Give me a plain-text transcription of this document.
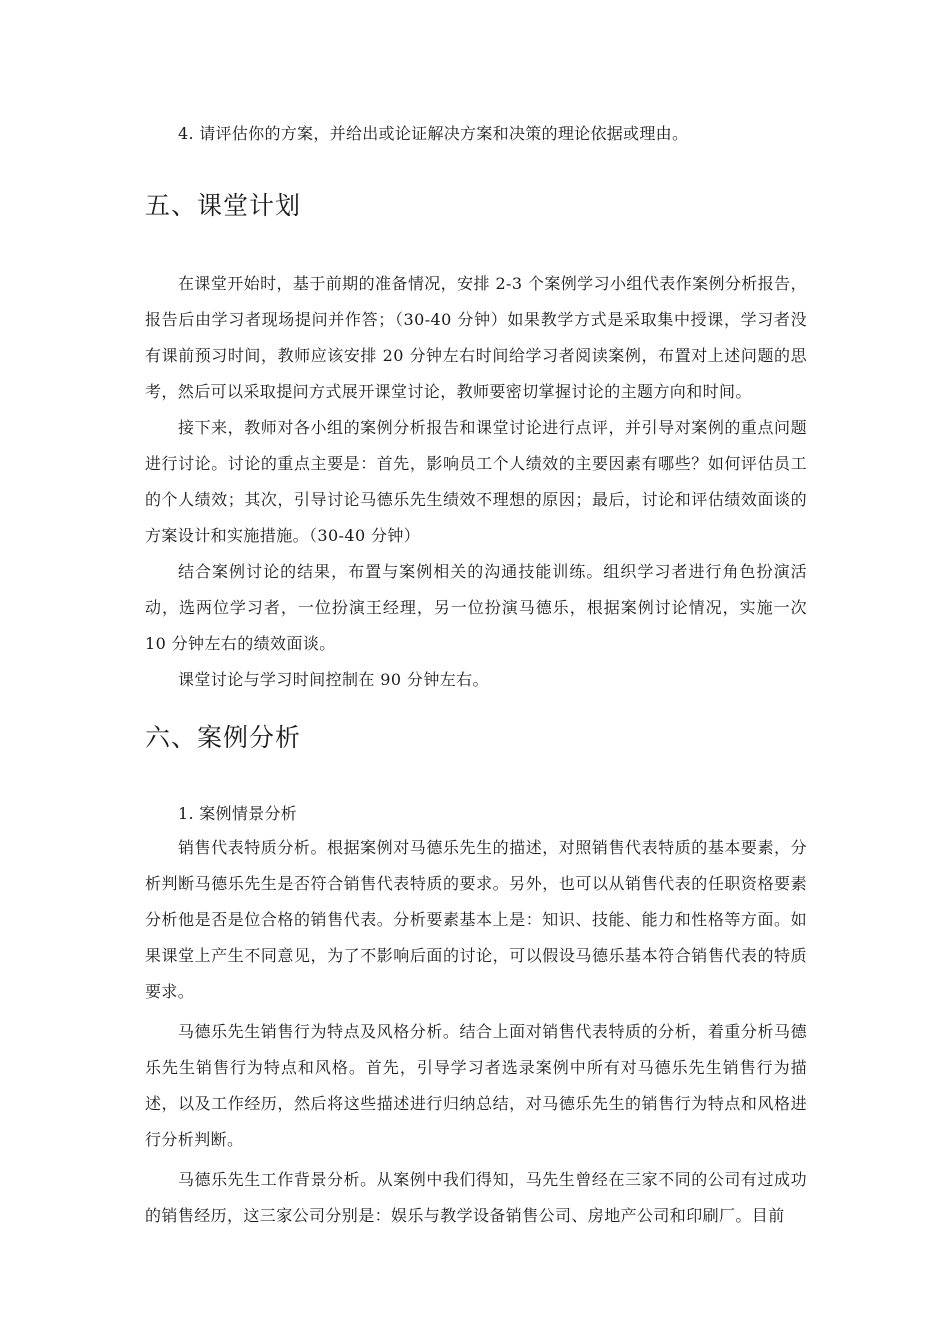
4. 请评估你的方案，并给出或论证解决方案和决策的理论依据或理由。

五、课堂计划

在课堂开始时，基于前期的准备情况，安排 2-3 个案例学习小组代表作案例分析报告，报告后由学习者现场提问并作答；（30-40 分钟）如果教学方式是采取集中授课，学习者没有课前预习时间，教师应该安排 20 分钟左右时间给学习者阅读案例，布置对上述问题的思考，然后可以采取提问方式展开课堂讨论，教师要密切掌握讨论的主题方向和时间。

接下来，教师对各小组的案例分析报告和课堂讨论进行点评，并引导对案例的重点问题进行讨论。讨论的重点主要是：首先，影响员工个人绩效的主要因素有哪些？如何评估员工的个人绩效；其次，引导讨论马德乐先生绩效不理想的原因；最后，讨论和评估绩效面谈的方案设计和实施措施。（30-40 分钟）

结合案例讨论的结果，布置与案例相关的沟通技能训练。组织学习者进行角色扮演活动，选两位学习者，一位扮演王经理，另一位扮演马德乐，根据案例讨论情况，实施一次 10 分钟左右的绩效面谈。

课堂讨论与学习时间控制在 90 分钟左右。

六、案例分析

1. 案例情景分析

销售代表特质分析。根据案例对马德乐先生的描述，对照销售代表特质的基本要素，分析判断马德乐先生是否符合销售代表特质的要求。另外，也可以从销售代表的任职资格要素分析他是否是位合格的销售代表。分析要素基本上是：知识、技能、能力和性格等方面。如果课堂上产生不同意见，为了不影响后面的讨论，可以假设马德乐基本符合销售代表的特质要求。

马德乐先生销售行为特点及风格分析。结合上面对销售代表特质的分析，着重分析马德乐先生销售行为特点和风格。首先，引导学习者选录案例中所有对马德乐先生销售行为描述，以及工作经历，然后将这些描述进行归纳总结，对马德乐先生的销售行为特点和风格进行分析判断。

马德乐先生工作背景分析。从案例中我们得知，马先生曾经在三家不同的公司有过成功的销售经历，这三家公司分别是：娱乐与教学设备销售公司、房地产公司和印刷厂。目前
